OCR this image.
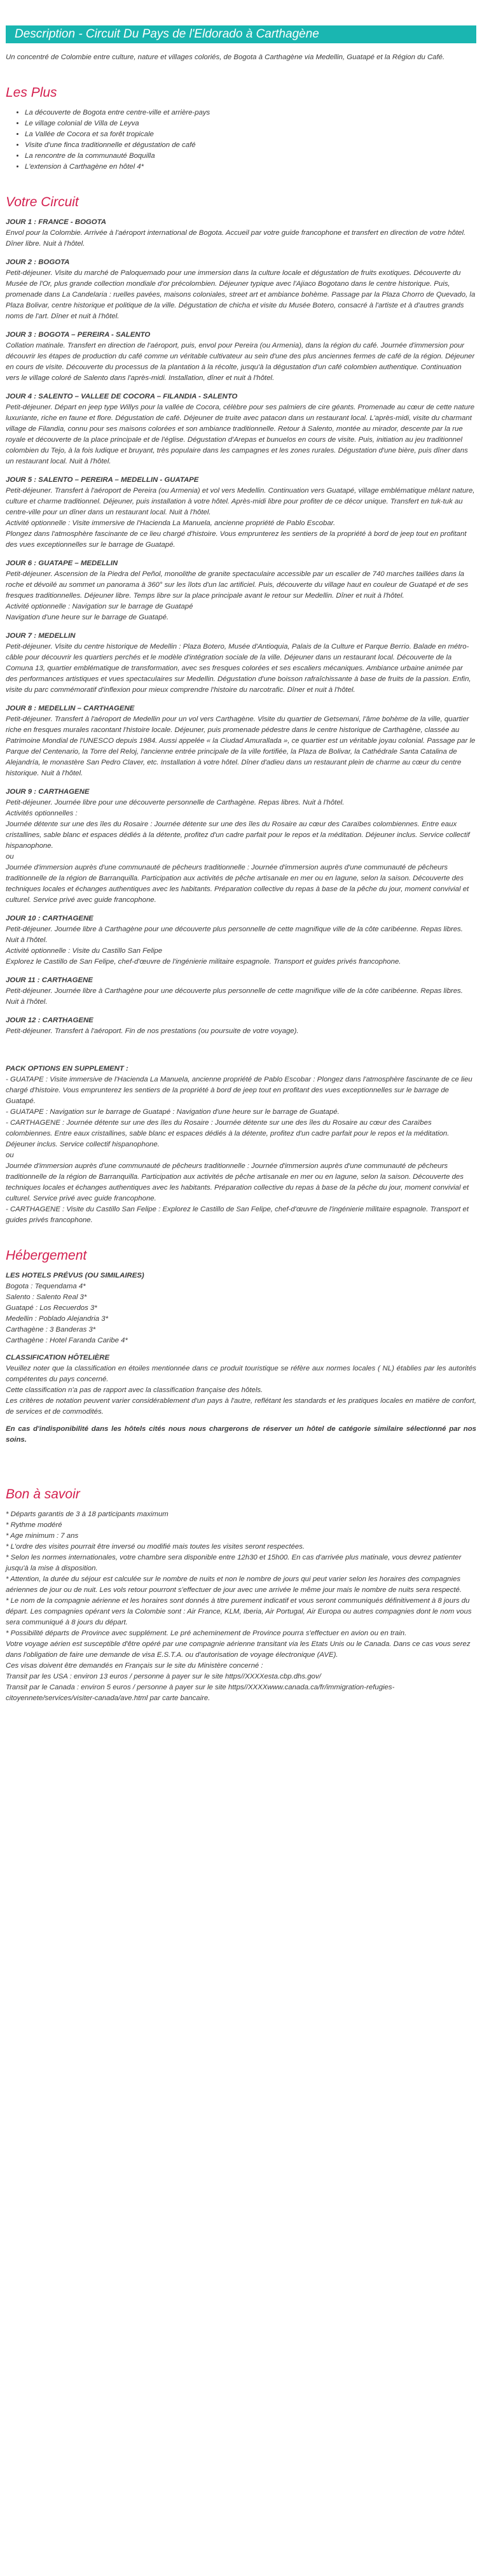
Description - Circuit Du Pays de l'Eldorado à Carthagène

Un concentré de Colombie entre culture, nature et villages coloriés, de Bogota à Carthagène via Medellin, Guatapé et la Région du Café.

Les Plus
• La découverte de Bogota entre centre-ville et arrière-pays
• Le village colonial de Villa de Leyva
• La Vallée de Cocora et sa forêt tropicale
• Visite d'une finca traditionnelle et dégustation de café
• La rencontre de la communauté Boquilla
• L'extension à Carthagène en hôtel 4*
Votre Circuit
JOUR 1 : FRANCE - BOGOTA
Envol pour la Colombie. Arrivée à l'aéroport international de Bogota. Accueil par votre guide francophone et transfert en direction de votre hôtel. Dîner libre. Nuit à l'hôtel.
JOUR 2 : BOGOTA
Petit-déjeuner. Visite du marché de Paloquemado pour une immersion dans la culture locale et dégustation de fruits exotiques. Découverte du Musée de l'Or, plus grande collection mondiale d'or précolombien. Déjeuner typique avec l'Ajiaco Bogotano dans le centre historique. Puis, promenade dans La Candelaria : ruelles pavées, maisons coloniales, street art et ambiance bohème. Passage par la Plaza Chorro de Quevado, la Plaza Bolivar, centre historique et politique de la ville. Dégustation de chicha et visite du Musée Botero, consacré à l'artiste et à d'autres grands noms de l'art. Dîner et nuit à l'hôtel.
JOUR 3 : BOGOTA – PEREIRA - SALENTO
Collation matinale. Transfert en direction de l'aéroport, puis, envol pour Pereira (ou Armenia), dans la région du café. Journée d'immersion pour découvrir les étapes de production du café comme un véritable cultivateur au sein d'une des plus anciennes fermes de café de la région. Déjeuner en cours de visite. Découverte du processus de la plantation à la récolte, jusqu'à la dégustation d'un café colombien authentique. Continuation vers le village coloré de Salento dans l'après-midi. Installation, dîner et nuit à l'hôtel.
JOUR 4 : SALENTO – VALLEE DE COCORA – FILANDIA - SALENTO
Petit-déjeuner. Départ en jeep type Willys pour la vallée de Cocora, célèbre pour ses palmiers de cire géants. Promenade au cœur de cette nature luxuriante, riche en faune et flore. Dégustation de café. Déjeuner de truite avec patacon dans un restaurant local. L'après-midi, visite du charmant village de Filandia, connu pour ses maisons colorées et son ambiance traditionnelle. Retour à Salento, montée au mirador, descente par la rue royale et découverte de la place principale et de l'église. Dégustation d'Arepas et bunuelos en cours de visite. Puis, initiation au jeu traditionnel colombien du Tejo, à la fois ludique et bruyant, très populaire dans les campagnes et les zones rurales. Dégustation d'une bière, puis dîner dans un restaurant local. Nuit à l'hôtel.
JOUR 5 : SALENTO – PEREIRA – MEDELLIN - GUATAPE
Petit-déjeuner. Transfert à l'aéroport de Pereira (ou Armenia) et vol vers Medellin. Continuation vers Guatapé, village emblématique mêlant nature, culture et charme traditionnel. Déjeuner, puis installation à votre hôtel. Après-midi libre pour profiter de ce décor unique. Transfert en tuk-tuk au centre-ville pour un dîner dans un restaurant local. Nuit à l'hôtel.
Activité optionnelle : Visite immersive de l'Hacienda La Manuela, ancienne propriété de Pablo Escobar.
Plongez dans l'atmosphère fascinante de ce lieu chargé d'histoire. Vous emprunterez les sentiers de la propriété à bord de jeep tout en profitant des vues exceptionnelles sur le barrage de Guatapé.
JOUR 6 : GUATAPE – MEDELLIN
Petit-déjeuner. Ascension de la Piedra del Peñol, monolithe de granite spectaculaire accessible par un escalier de 740 marches taillées dans la roche et dévoilé au sommet un panorama à 360° sur les îlots d'un lac artificiel. Puis, découverte du village haut en couleur de Guatapé et de ses fresques traditionnelles. Déjeuner libre. Temps libre sur la place principale avant le retour sur Medellin. Dîner et nuit à l'hôtel.
Activité optionnelle : Navigation sur le barrage de Guatapé
Navigation d'une heure sur le barrage de Guatapé.
JOUR 7 : MEDELLIN
Petit-déjeuner. Visite du centre historique de Medellin : Plaza Botero, Musée d'Antioquia, Palais de la Culture et Parque Berrio. Balade en métro-câble pour découvrir les quartiers perchés et le modèle d'intégration sociale de la ville. Déjeuner dans un restaurant local. Découverte de la Comuna 13, quartier emblématique de transformation, avec ses fresques colorées et ses escaliers mécaniques. Ambiance urbaine animée par des performances artistiques et vues spectaculaires sur Medellin. Dégustation d'une boisson rafraîchissante à base de fruits de la passion. Enfin, visite du parc commémoratif d'inflexion pour mieux comprendre l'histoire du narcotrafic. Dîner et nuit à l'hôtel.
JOUR 8 : MEDELLIN – CARTHAGENE
Petit-déjeuner. Transfert à l'aéroport de Medellin pour un vol vers Carthagène. Visite du quartier de Getsemani, l'âme bohème de la ville, quartier riche en fresques murales racontant l'histoire locale. Déjeuner, puis promenade pédestre dans le centre historique de Carthagène, classée au Patrimoine Mondial de l'UNESCO depuis 1984. Aussi appelée « la Ciudad Amurallada », ce quartier est un véritable joyau colonial. Passage par le Parque del Centenario, la Torre del Reloj, l'ancienne entrée principale de la ville fortifiée, la Plaza de Bolivar, la Cathédrale Santa Catalina de Alejandría, le monastère San Pedro Claver, etc. Installation à votre hôtel. Dîner d'adieu dans un restaurant plein de charme au cœur du centre historique. Nuit à l'hôtel.
JOUR 9 : CARTHAGENE
Petit-déjeuner. Journée libre pour une découverte personnelle de Carthagène. Repas libres. Nuit à l'hôtel.
Activités optionnelles :
Journée détente sur une des îles du Rosaire : Journée détente sur une des îles du Rosaire au cœur des Caraïbes colombiennes. Entre eaux cristallines, sable blanc et espaces dédiés à la détente, profitez d'un cadre parfait pour le repos et la méditation. Déjeuner inclus. Service collectif hispanophone.
ou
Journée d'immersion auprès d'une communauté de pêcheurs traditionnelle : Journée d'immersion auprès d'une communauté de pêcheurs traditionnelle de la région de Barranquilla. Participation aux activités de pêche artisanale en mer ou en lagune, selon la saison. Découverte des techniques locales et échanges authentiques avec les habitants. Préparation collective du repas à base de la pêche du jour, moment convivial et culturel. Service privé avec guide francophone.
JOUR 10 : CARTHAGENE
Petit-déjeuner. Journée libre à Carthagène pour une découverte plus personnelle de cette magnifique ville de la côte caribéenne. Repas libres. Nuit à l'hôtel.
Activité optionnelle : Visite du Castillo San Felipe
Explorez le Castillo de San Felipe, chef-d'œuvre de l'ingénierie militaire espagnole. Transport et guides privés francophone.
JOUR 11 : CARTHAGENE
Petit-déjeuner. Journée libre à Carthagène pour une découverte plus personnelle de cette magnifique ville de la côte caribéenne. Repas libres. Nuit à l'hôtel.
JOUR 12 : CARTHAGENE
Petit-déjeuner. Transfert à l'aéroport. Fin de nos prestations (ou poursuite de votre voyage).
PACK OPTIONS EN SUPPLEMENT :
- GUATAPE : Visite immersive de l'Hacienda La Manuela, ancienne propriété de Pablo Escobar : Plongez dans l'atmosphère fascinante de ce lieu chargé d'histoire. Vous emprunterez les sentiers de la propriété à bord de jeep tout en profitant des vues exceptionnelles sur le barrage de Guatapé.
- GUATAPE : Navigation sur le barrage de Guatapé : Navigation d'une heure sur le barrage de Guatapé.
- CARTHAGENE : Journée détente sur une des îles du Rosaire : Journée détente sur une des îles du Rosaire au cœur des Caraïbes colombiennes. Entre eaux cristallines, sable blanc et espaces dédiés à la détente, profitez d'un cadre parfait pour le repos et la méditation. Déjeuner inclus. Service collectif hispanophone.
ou
Journée d'immersion auprès d'une communauté de pêcheurs traditionnelle : Journée d'immersion auprès d'une communauté de pêcheurs traditionnelle de la région de Barranquilla. Participation aux activités de pêche artisanale en mer ou en lagune, selon la saison. Découverte des techniques locales et échanges authentiques avec les habitants. Préparation collective du repas à base de la pêche du jour, moment convivial et culturel. Service privé avec guide francophone.
- CARTHAGENE : Visite du Castillo San Felipe : Explorez le Castillo de San Felipe, chef-d'œuvre de l'ingénierie militaire espagnole. Transport et guides privés francophone.
Hébergement
LES HOTELS PRÉVUS (OU SIMILAIRES)
Bogota : Tequendama 4*
Salento : Salento Real 3*
Guatapé : Los Recuerdos 3*
Medellin : Poblado Alejandria 3*
Carthagène : 3 Banderas 3*
Carthagène : Hotel Faranda Caribe 4*
CLASSIFICATION HÔTELIÈRE
Veuillez noter que la classification en étoiles mentionnée dans ce produit touristique se réfère aux normes locales ( NL) établies par les autorités compétentes du pays concerné.
Cette classification n'a pas de rapport avec la classification française des hôtels.
Les critères de notation peuvent varier considérablement d'un pays à l'autre, reflétant les standards et les pratiques locales en matière de confort, de services et de commodités.
En cas d'indisponibilité dans les hôtels cités nous nous chargerons de réserver un hôtel de catégorie similaire sélectionné par nos soins.
Bon à savoir
* Départs garantis de 3 à 18 participants maximum
* Rythme modéré
* Age minimum : 7 ans
* L'ordre des visites pourrait être inversé ou modifié mais toutes les visites seront respectées.
* Selon les normes internationales, votre chambre sera disponible entre 12h30 et 15h00. En cas d'arrivée plus matinale, vous devrez patienter jusqu'à la mise à disposition.
* Attention, la durée du séjour est calculée sur le nombre de nuits et non le nombre de jours qui peut varier selon les horaires des compagnies aériennes de jour ou de nuit. Les vols retour pourront s'effectuer de jour avec une arrivée le même jour mais le nombre de nuits sera respecté.
* Le nom de la compagnie aérienne et les horaires sont donnés à titre purement indicatif et vous seront communiqués définitivement à 8 jours du départ. Les compagnies opérant vers la Colombie sont : Air France, KLM, Iberia, Air Portugal, Air Europa ou autres compagnies dont le nom vous sera communiqué à 8 jours du départ.
* Possibilité départs de Province avec supplément. Le pré acheminement de Province pourra s'effectuer en avion ou en train.
Votre voyage aérien est susceptible d'être opéré par une compagnie aérienne transitant via les Etats Unis ou le Canada. Dans ce cas vous serez dans l'obligation de faire une demande de visa E.S.T.A. ou d'autorisation de voyage électronique (AVE).
Ces visas doivent être demandés en Français sur le site du Ministère concerné :
Transit par les USA : environ 13 euros / personne à payer sur le site https//XXXXesta.cbp.dhs.gov/
Transit par le Canada : environ 5 euros / personne à payer sur le site https//XXXXwww.canada.ca/fr/immigration-refugies-citoyennete/services/visiter-canada/ave.html par carte bancaire.
